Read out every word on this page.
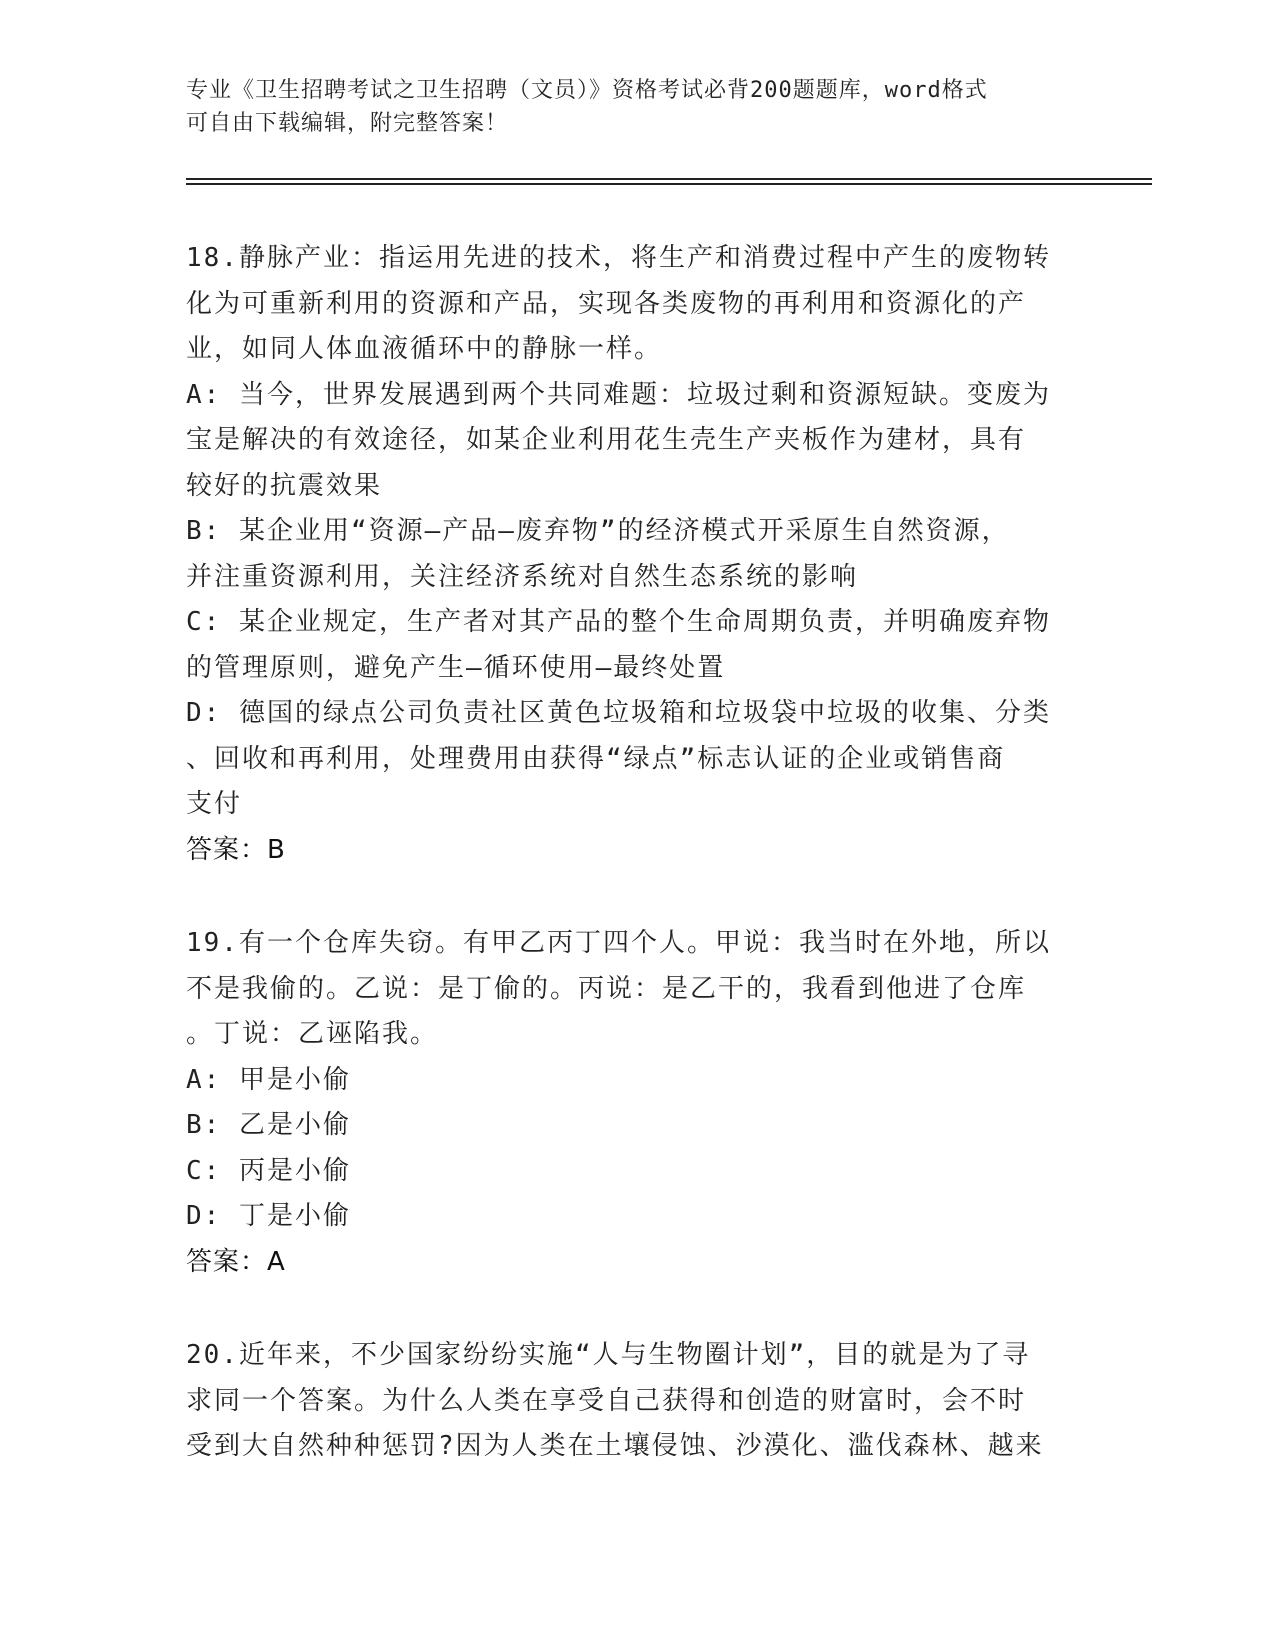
专业《卫生招聘考试之卫生招聘（文员）》资格考试必背200题题库，word格式
可自由下载编辑，附完整答案！
18.静脉产业：指运用先进的技术，将生产和消费过程中产生的废物转
化为可重新利用的资源和产品，实现各类废物的再利用和资源化的产
业，如同人体血液循环中的静脉一样。
A: 当今，世界发展遇到两个共同难题：垃圾过剩和资源短缺。变废为
宝是解决的有效途径，如某企业利用花生壳生产夹板作为建材，具有
较好的抗震效果
B: 某企业用“资源—产品—废弃物”的经济模式开采原生自然资源，
并注重资源利用，关注经济系统对自然生态系统的影响
C: 某企业规定，生产者对其产品的整个生命周期负责，并明确废弃物
的管理原则，避免产生—循环使用—最终处置
D: 德国的绿点公司负责社区黄色垃圾箱和垃圾袋中垃圾的收集、分类
、回收和再利用，处理费用由获得“绿点”标志认证的企业或销售商
支付
答案：B
19.有一个仓库失窃。有甲乙丙丁四个人。甲说：我当时在外地，所以
不是我偷的。乙说：是丁偷的。丙说：是乙干的，我看到他进了仓库
。丁说：乙诬陷我。
A: 甲是小偷
B: 乙是小偷
C: 丙是小偷
D: 丁是小偷
答案：A
20.近年来，不少国家纷纷实施“人与生物圈计划”，目的就是为了寻
求同一个答案。为什么人类在享受自己获得和创造的财富时，会不时
受到大自然种种惩罚?因为人类在土壤侵蚀、沙漠化、滥伐森林、越来
